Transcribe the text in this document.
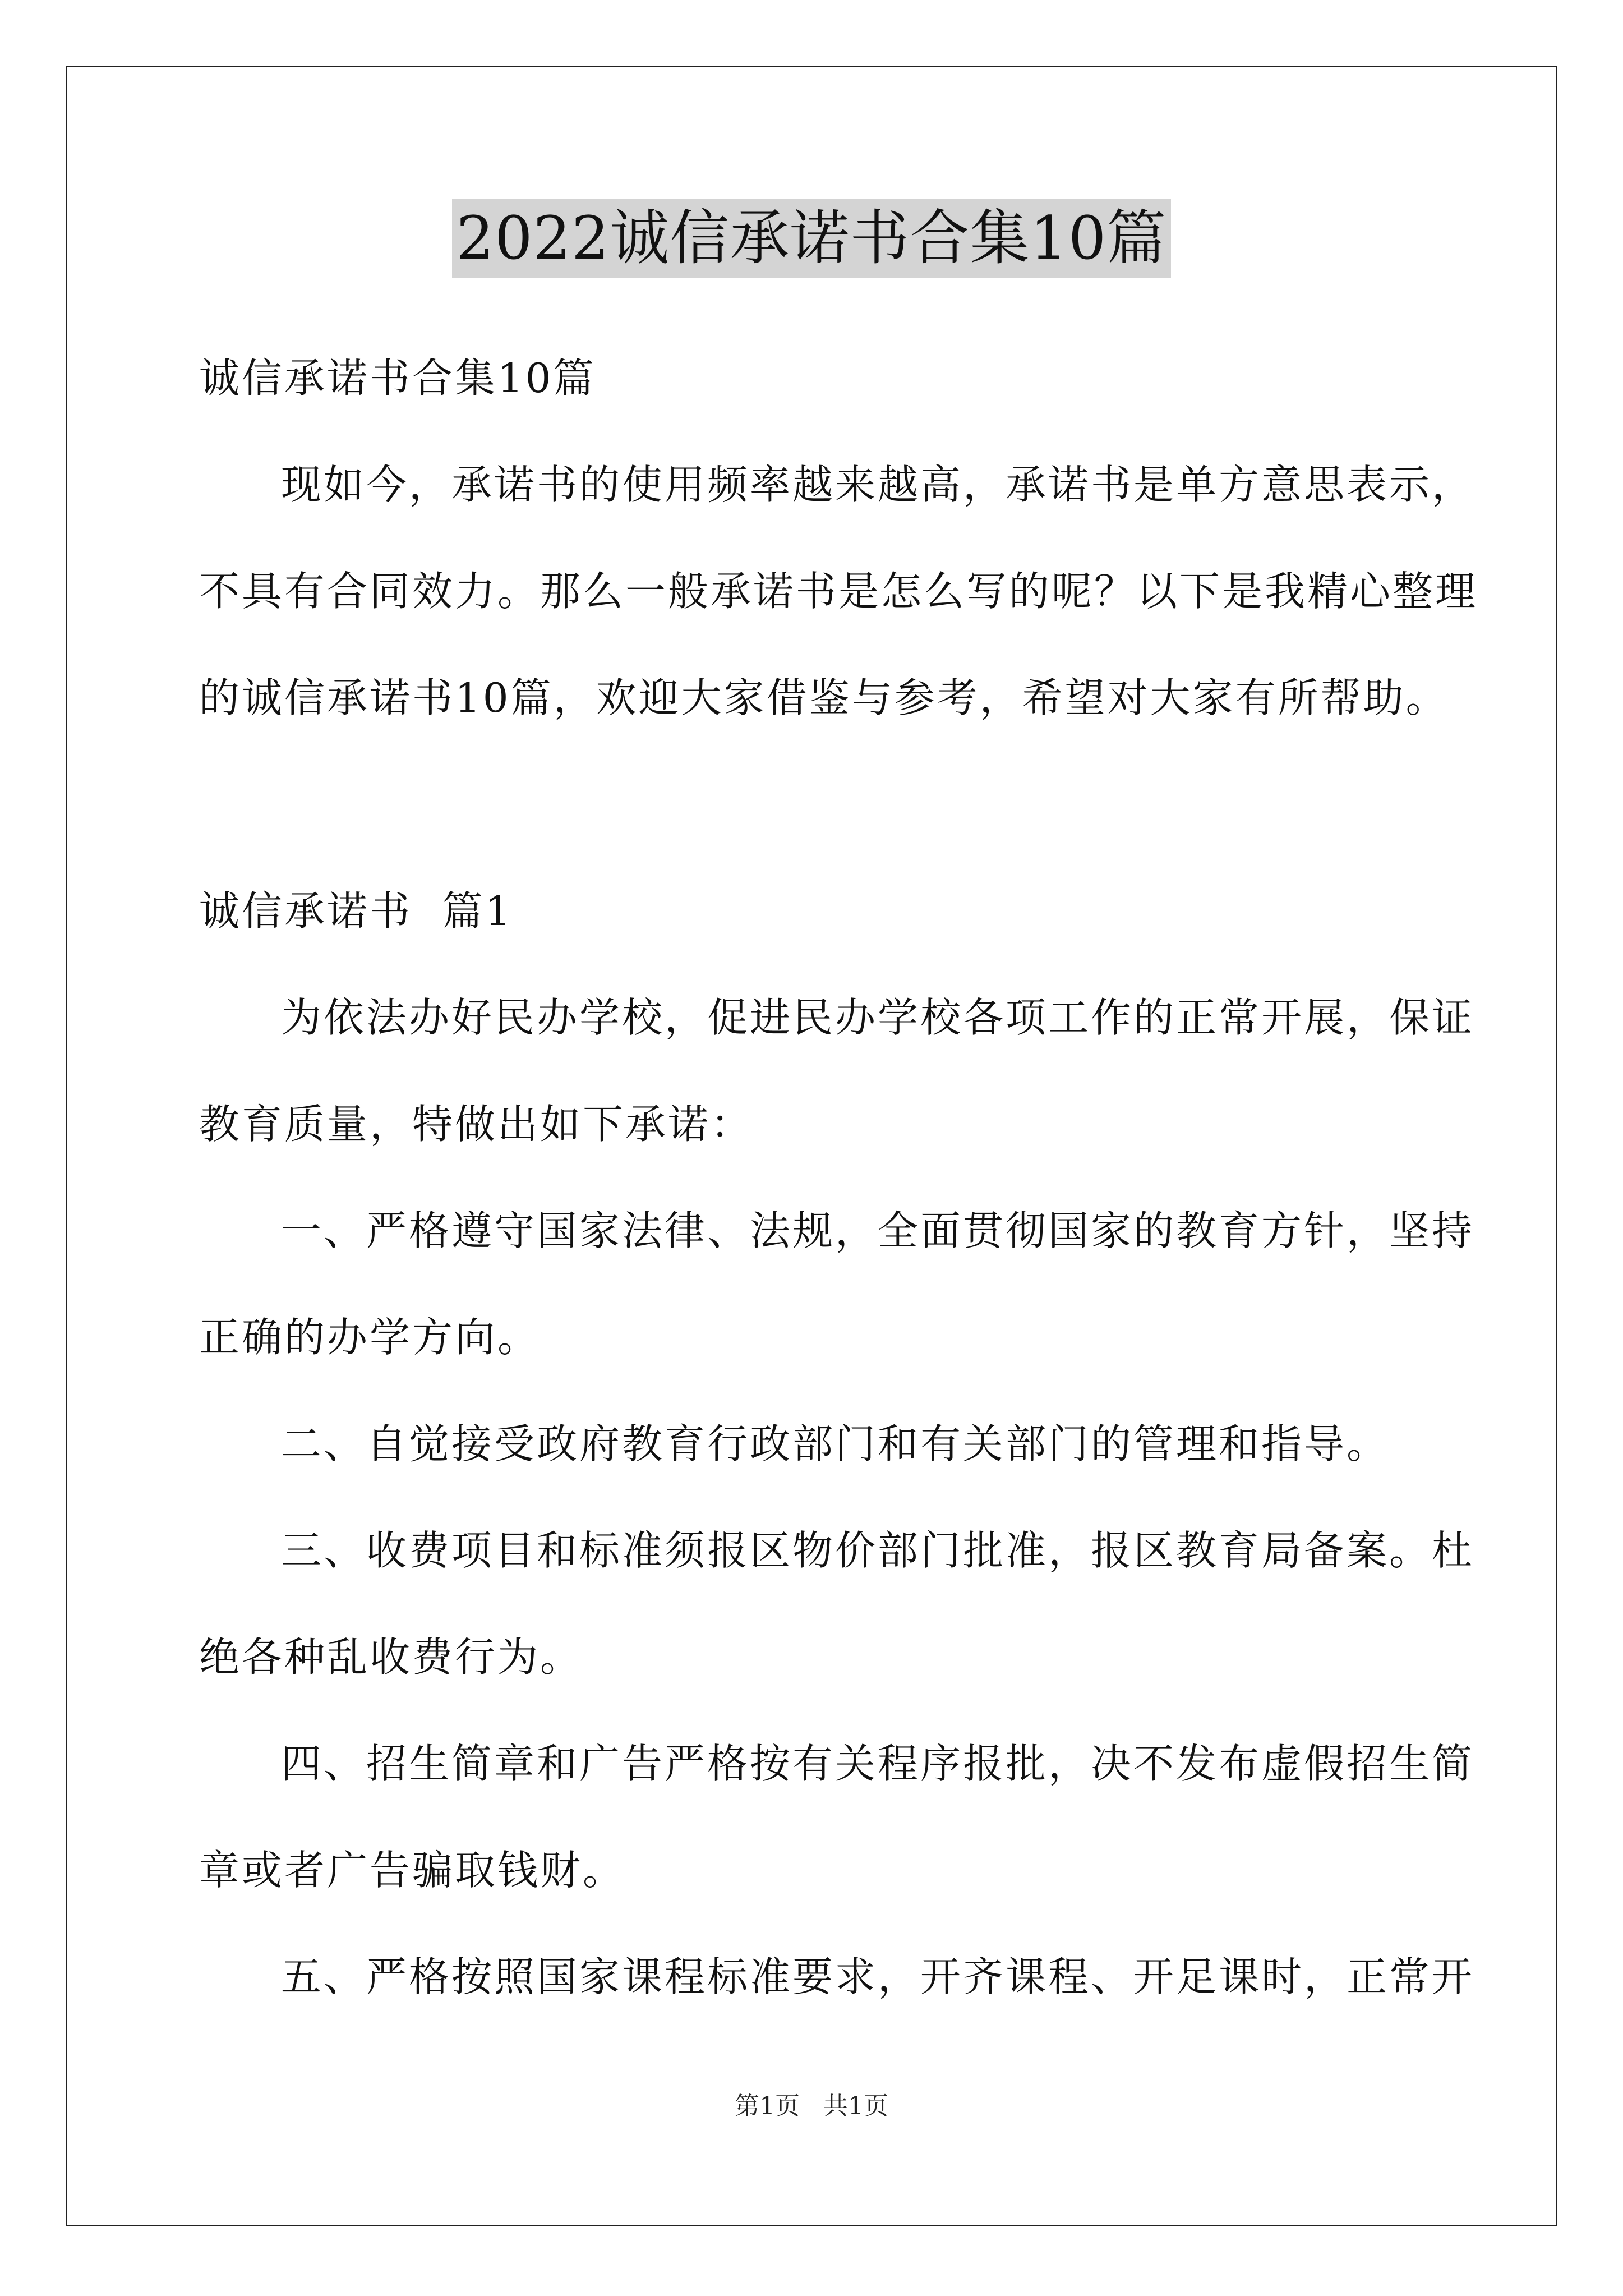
2022诚信承诺书合集10篇

诚信承诺书合集10篇

现如今，承诺书的使用频率越来越高，承诺书是单方意思表示，

不具有合同效力。那么一般承诺书是怎么写的呢？以下是我精心整理

的诚信承诺书10篇，欢迎大家借鉴与参考，希望对大家有所帮助。

诚信承诺书  篇1

为依法办好民办学校，促进民办学校各项工作的正常开展，保证

教育质量，特做出如下承诺：

一、严格遵守国家法律、法规，全面贯彻国家的教育方针，坚持

正确的办学方向。

二、自觉接受政府教育行政部门和有关部门的管理和指导。

三、收费项目和标准须报区物价部门批准，报区教育局备案。杜

绝各种乱收费行为。

四、招生简章和广告严格按有关程序报批，决不发布虚假招生简

章或者广告骗取钱财。

五、严格按照国家课程标准要求，开齐课程、开足课时，正常开

第1页   共1页
